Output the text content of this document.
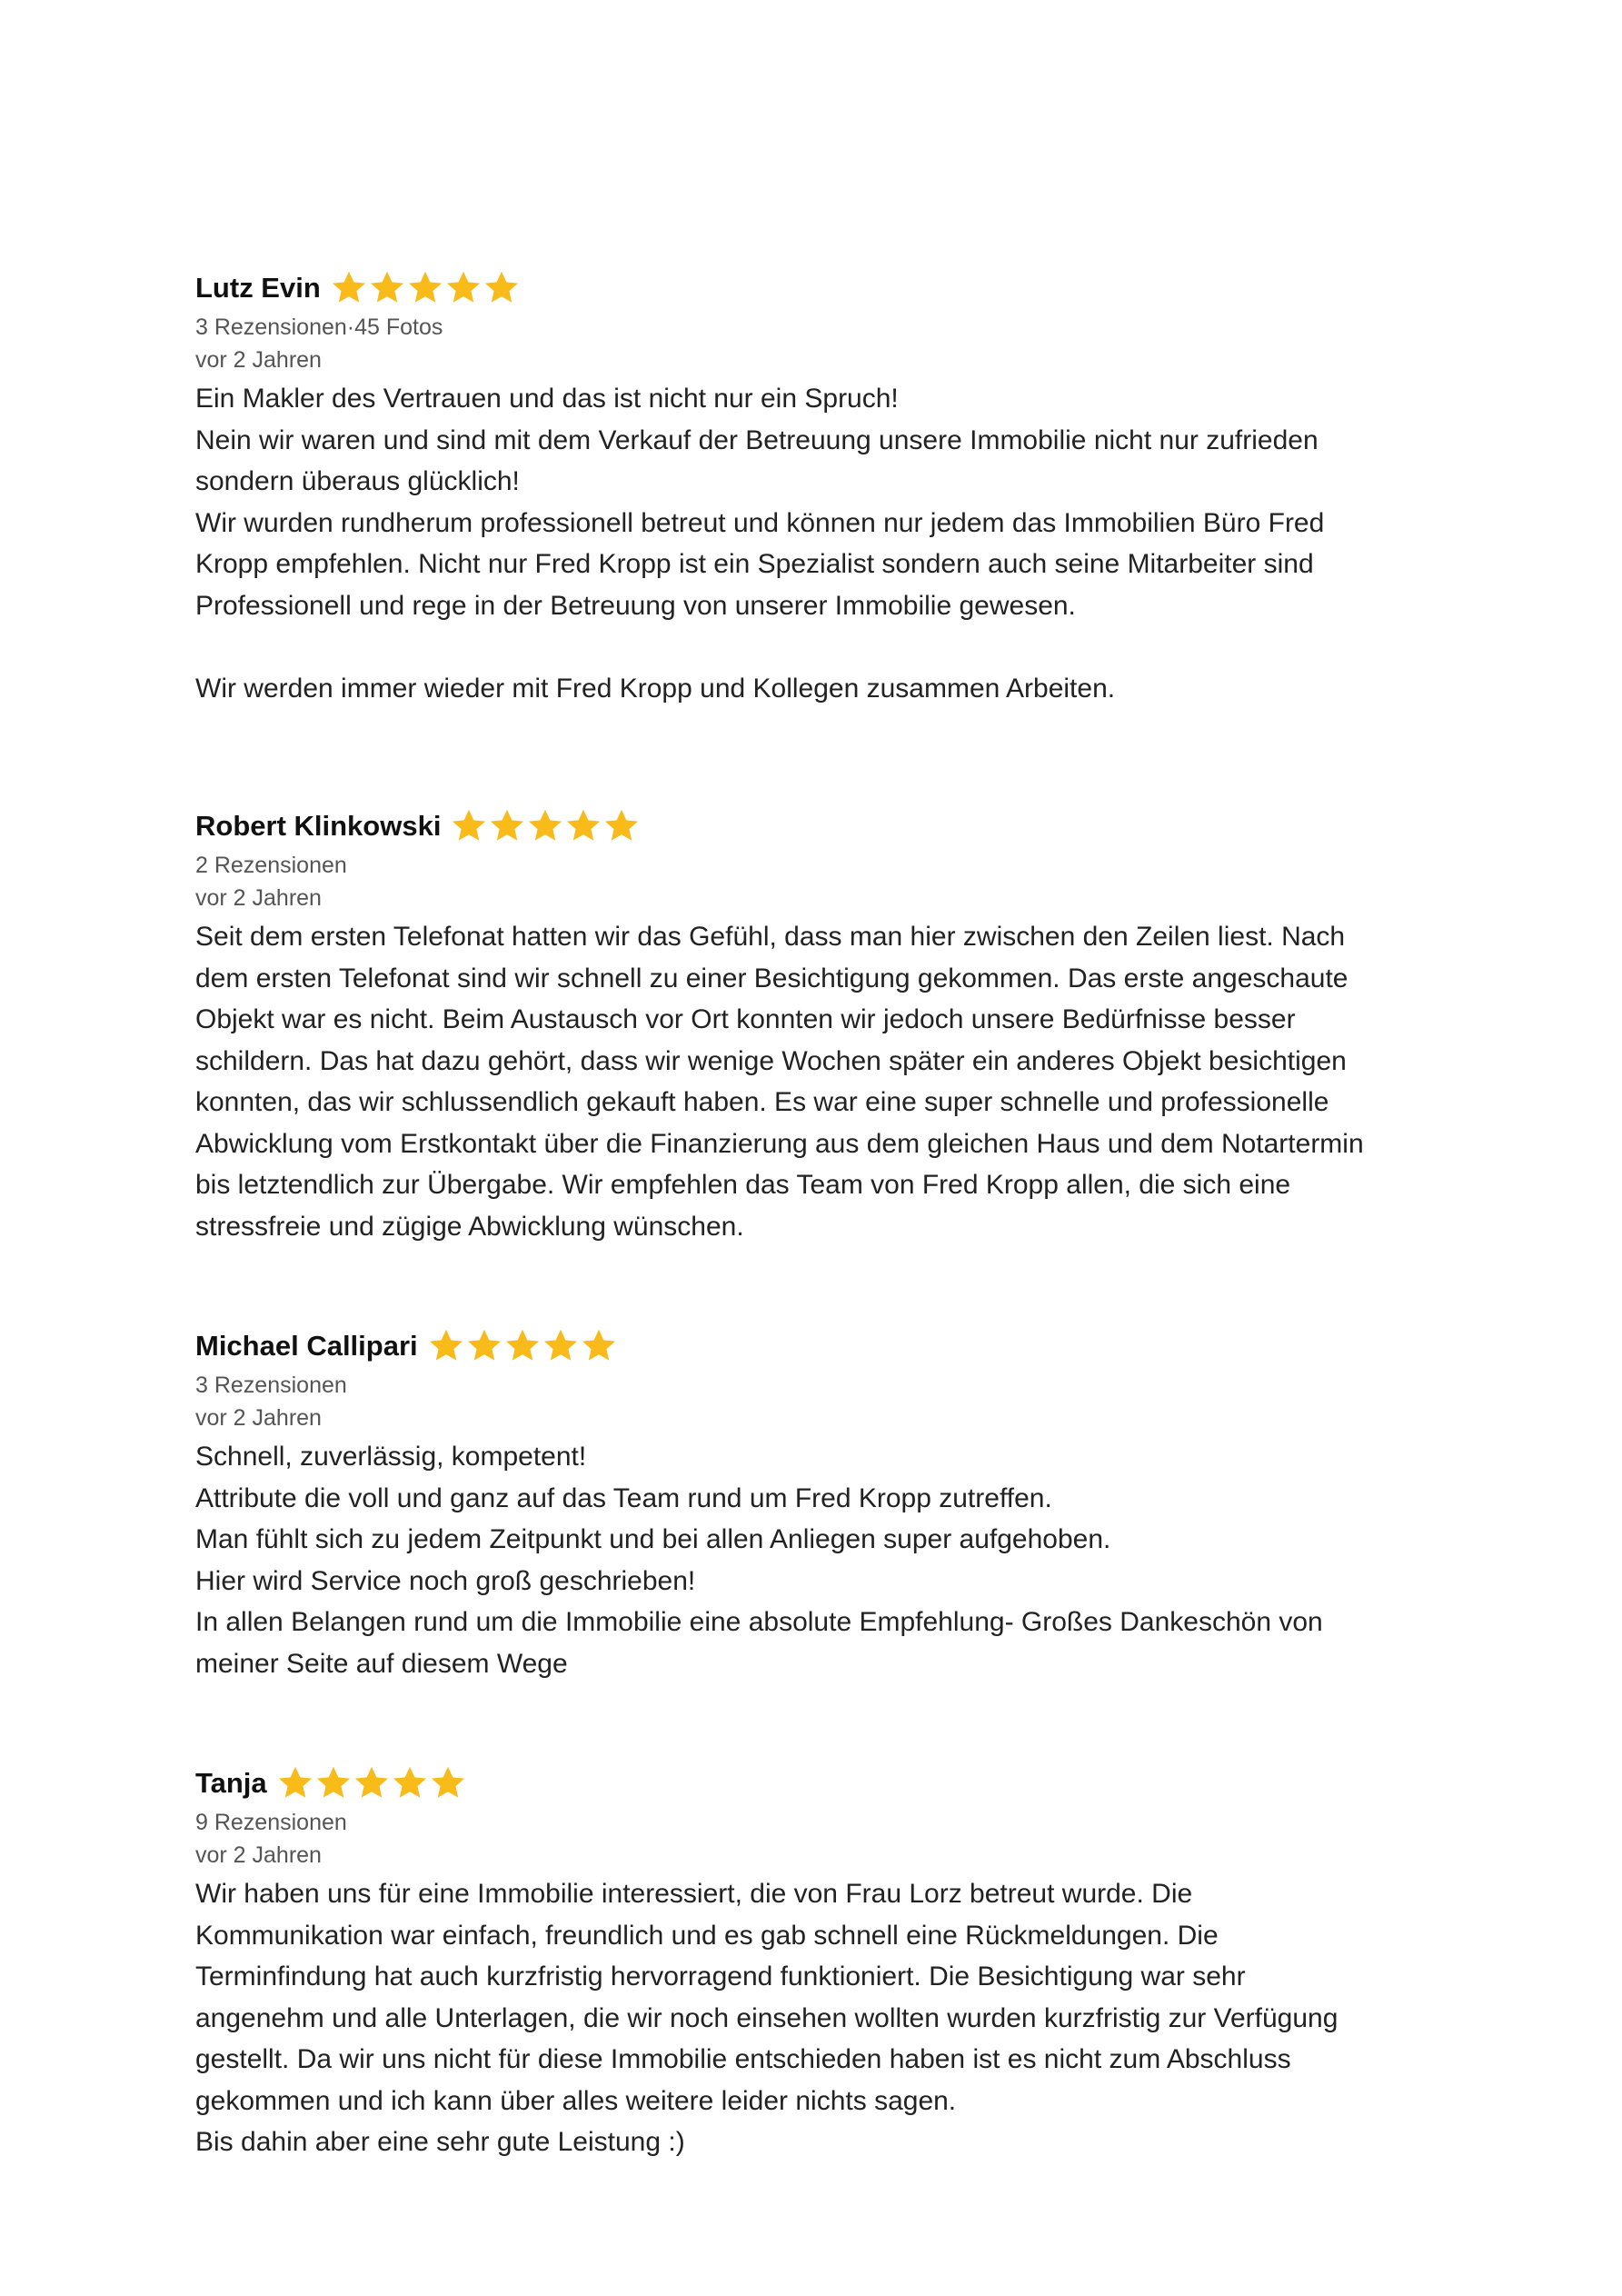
Lutz Evin
3 Rezensionen·45 Fotos
vor 2 Jahren
Ein Makler des Vertrauen und das ist nicht nur ein Spruch!
Nein wir waren und sind mit dem Verkauf der Betreuung unsere Immobilie nicht nur zufrieden
sondern überaus glücklich!
Wir wurden rundherum professionell betreut und können nur jedem das Immobilien Büro Fred
Kropp empfehlen. Nicht nur Fred Kropp ist ein Spezialist sondern auch seine Mitarbeiter sind
Professionell und rege in der Betreuung von unserer Immobilie gewesen.
Wir werden immer wieder mit Fred Kropp und Kollegen zusammen Arbeiten.
Robert Klinkowski
2 Rezensionen
vor 2 Jahren
Seit dem ersten Telefonat hatten wir das Gefühl, dass man hier zwischen den Zeilen liest. Nach
dem ersten Telefonat sind wir schnell zu einer Besichtigung gekommen. Das erste angeschaute
Objekt war es nicht. Beim Austausch vor Ort konnten wir jedoch unsere Bedürfnisse besser
schildern. Das hat dazu gehört, dass wir wenige Wochen später ein anderes Objekt besichtigen
konnten, das wir schlussendlich gekauft haben. Es war eine super schnelle und professionelle
Abwicklung vom Erstkontakt über die Finanzierung aus dem gleichen Haus und dem Notartermin
bis letztendlich zur Übergabe. Wir empfehlen das Team von Fred Kropp allen, die sich eine
stressfreie und zügige Abwicklung wünschen.
Michael Callipari
3 Rezensionen
vor 2 Jahren
Schnell, zuverlässig, kompetent!
Attribute die voll und ganz auf das Team rund um Fred Kropp zutreffen.
Man fühlt sich zu jedem Zeitpunkt und bei allen Anliegen super aufgehoben.
Hier wird Service noch groß geschrieben!
In allen Belangen rund um die Immobilie eine absolute Empfehlung- Großes Dankeschön von
meiner Seite auf diesem Wege
Tanja
9 Rezensionen
vor 2 Jahren
Wir haben uns für eine Immobilie interessiert, die von Frau Lorz betreut wurde. Die
Kommunikation war einfach, freundlich und es gab schnell eine Rückmeldungen. Die
Terminfindung hat auch kurzfristig hervorragend funktioniert. Die Besichtigung war sehr
angenehm und alle Unterlagen, die wir noch einsehen wollten wurden kurzfristig zur Verfügung
gestellt. Da wir uns nicht für diese Immobilie entschieden haben ist es nicht zum Abschluss
gekommen und ich kann über alles weitere leider nichts sagen.
Bis dahin aber eine sehr gute Leistung :)
